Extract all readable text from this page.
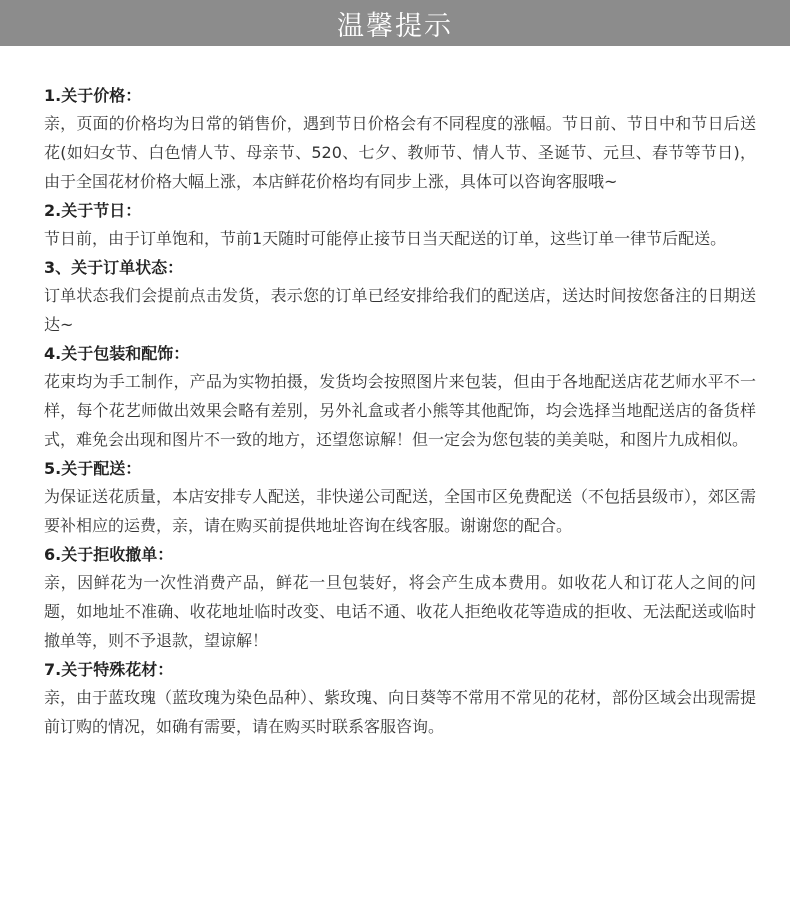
温馨提示
1.关于价格：
亲，页面的价格均为日常的销售价，遇到节日价格会有不同程度的涨幅。节日前、节日中和节日后送花(如妇女节、白色情人节、母亲节、520、七夕、教师节、情人节、圣诞节、元旦、春节等节日)，由于全国花材价格大幅上涨，本店鲜花价格均有同步上涨，具体可以咨询客服哦~
2.关于节日：
节日前，由于订单饱和，节前1天随时可能停止接节日当天配送的订单，这些订单一律节后配送。
3、关于订单状态：
订单状态我们会提前点击发货，表示您的订单已经安排给我们的配送店，送达时间按您备注的日期送达~
4.关于包装和配饰：
花束均为手工制作，产品为实物拍摄，发货均会按照图片来包装，但由于各地配送店花艺师水平不一样，每个花艺师做出效果会略有差别，另外礼盒或者小熊等其他配饰，均会选择当地配送店的备货样式，难免会出现和图片不一致的地方，还望您谅解！但一定会为您包装的美美哒，和图片九成相似。
5.关于配送：
为保证送花质量，本店安排专人配送，非快递公司配送，全国市区免费配送（不包括县级市），郊区需要补相应的运费，亲，请在购买前提供地址咨询在线客服。谢谢您的配合。
6.关于拒收撤单：
亲，因鲜花为一次性消费产品，鲜花一旦包装好，将会产生成本费用。如收花人和订花人之间的问题，如地址不准确、收花地址临时改变、电话不通、收花人拒绝收花等造成的拒收、无法配送或临时撤单等，则不予退款，望谅解！
7.关于特殊花材：
亲，由于蓝玫瑰（蓝玫瑰为染色品种）、紫玫瑰、向日葵等不常用不常见的花材，部份区域会出现需提前订购的情况，如确有需要，请在购买时联系客服咨询。
